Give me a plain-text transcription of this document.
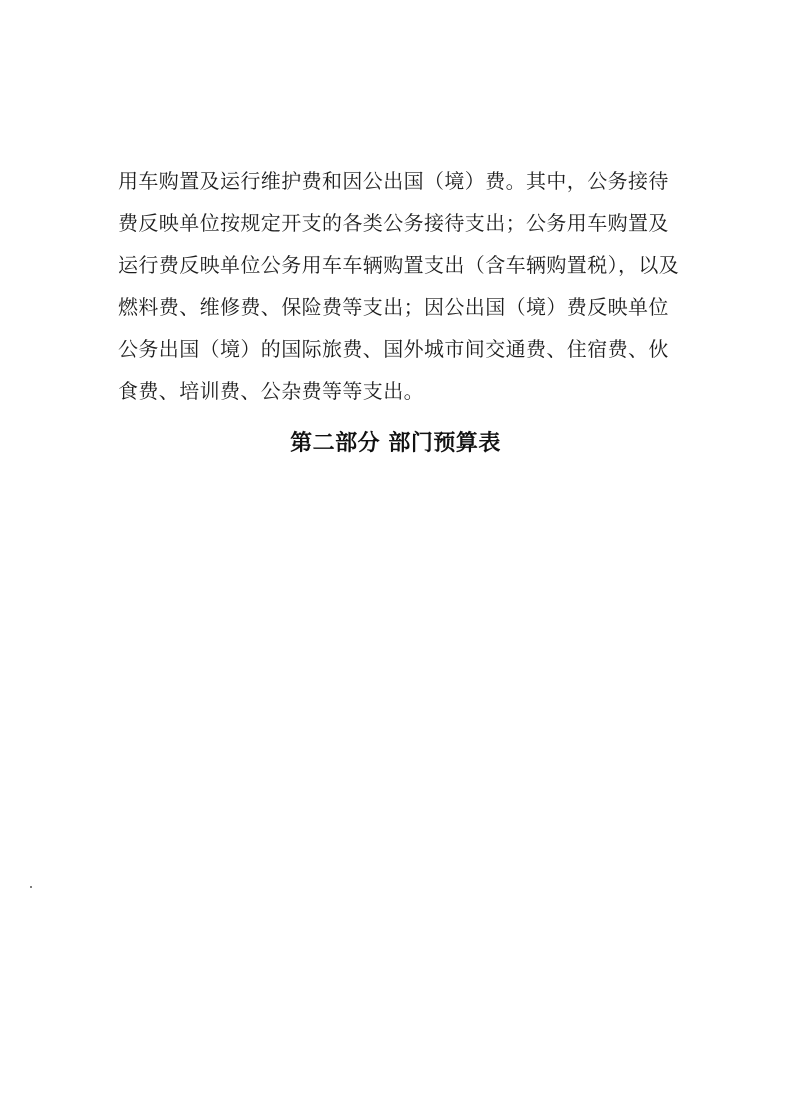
用车购置及运行维护费和因公出国（境）费。其中，公务接待
费反映单位按规定开支的各类公务接待支出；公务用车购置及
运行费反映单位公务用车车辆购置支出（含车辆购置税），以及
燃料费、维修费、保险费等支出；因公出国（境）费反映单位
公务出国（境）的国际旅费、国外城市间交通费、住宿费、伙
食费、培训费、公杂费等等支出。
第二部分 部门预算表
